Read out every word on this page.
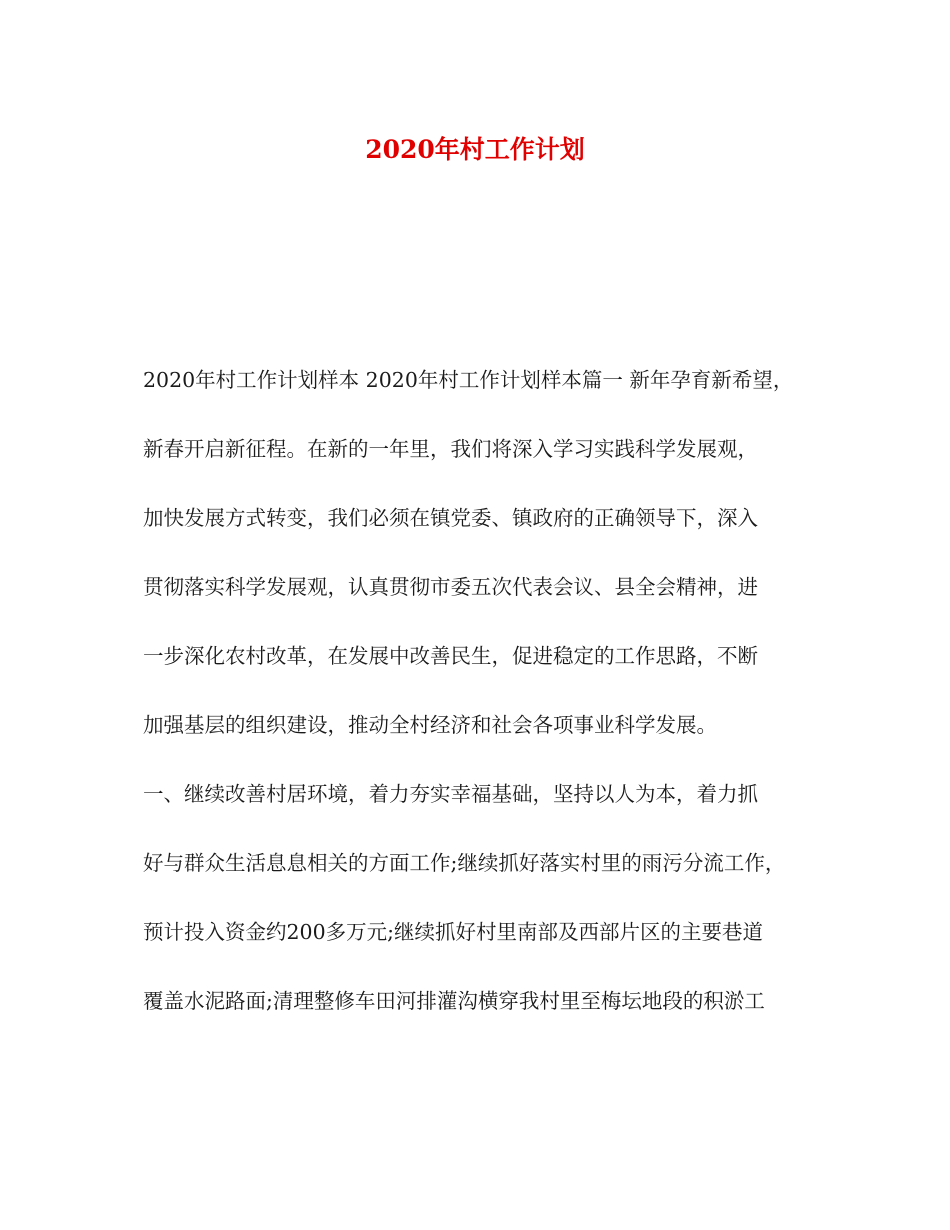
2020年村工作计划
2020年村工作计划样本 2020年村工作计划样本篇一 新年孕育新希望，
新春开启新征程。在新的一年里，我们将深入学习实践科学发展观，
加快发展方式转变，我们必须在镇党委、镇政府的正确领导下，深入
贯彻落实科学发展观，认真贯彻市委五次代表会议、县全会精神，进
一步深化农村改革，在发展中改善民生，促进稳定的工作思路，不断
加强基层的组织建设，推动全村经济和社会各项事业科学发展。
一、继续改善村居环境，着力夯实幸福基础，坚持以人为本，着力抓
好与群众生活息息相关的方面工作;继续抓好落实村里的雨污分流工作，
预计投入资金约200多万元;继续抓好村里南部及西部片区的主要巷道
覆盖水泥路面;清理整修车田河排灌沟横穿我村里至梅坛地段的积淤工
